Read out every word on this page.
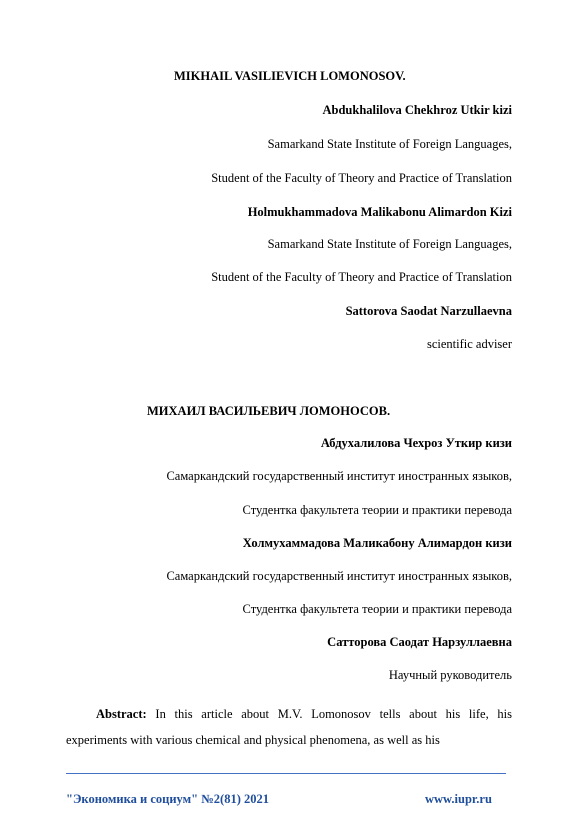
MIKHAIL VASILIEVICH LOMONOSOV.
Abdukhalilova Chekhroz Utkir kizi
Samarkand State Institute of Foreign Languages,
Student of the Faculty of Theory and Practice of Translation
Holmukhammadova Malikabonu Alimardon Kizi
Samarkand State Institute of Foreign Languages,
Student of the Faculty of Theory and Practice of Translation
Sattorova Saodat Narzullaevna
scientific adviser
МИХАИЛ ВАСИЛЬЕВИЧ ЛОМОНОСОВ.
Абдухалилова Чехроз Уткир кизи
Самаркандский государственный институт иностранных языков,
Студентка факультета теории и практики перевода
Холмухаммадова Маликабону Алимардон кизи
Самаркандский государственный институт иностранных языков,
Студентка факультета теории и практики перевода
Сатторова Саодат Нарзуллаевна
Научный руководитель
Abstract: In this article about M.V. Lomonosov tells about his life, his experiments with various chemical and physical phenomena, as well as his
"Экономика и социум" №2(81) 2021	www.iupr.ru
